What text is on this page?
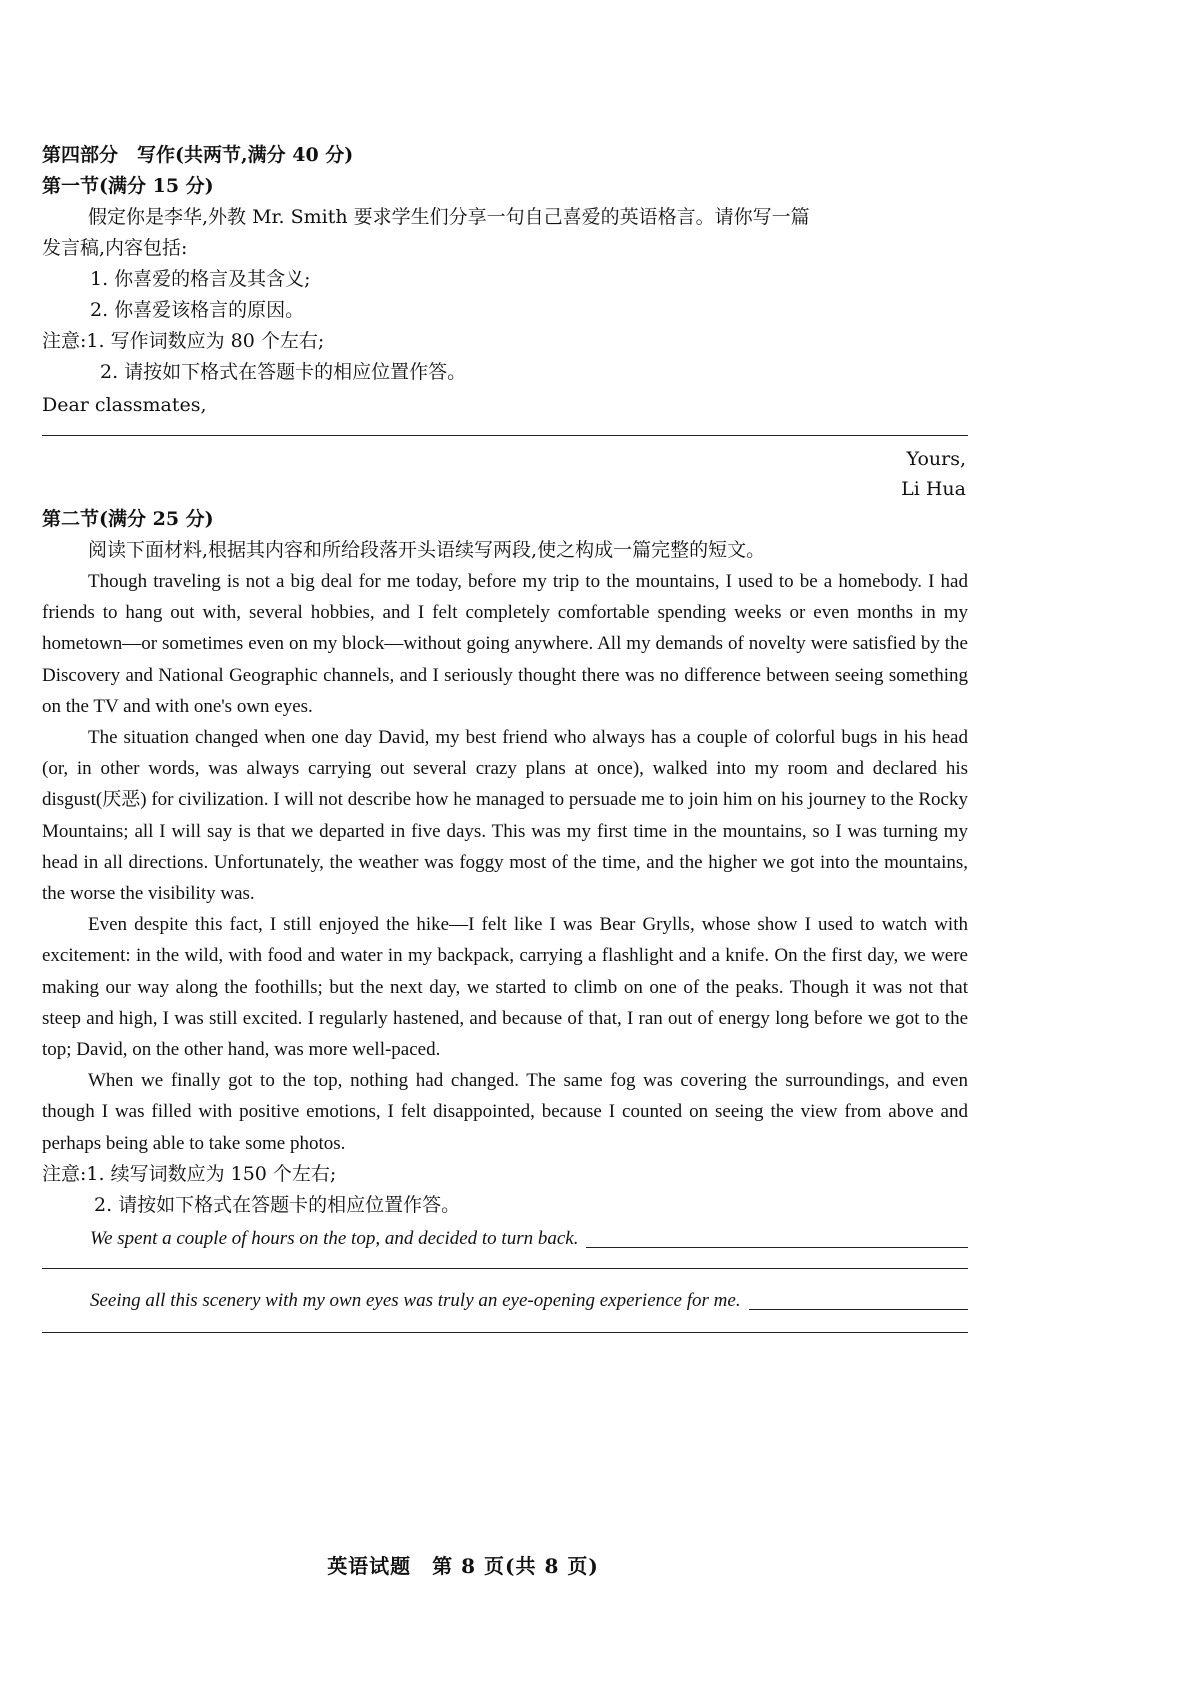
第四部分　写作(共两节,满分 40 分)
第一节(满分 15 分)
假定你是李华,外教 Mr. Smith 要求学生们分享一句自己喜爱的英语格言。请你写一篇
发言稿,内容包括:
1. 你喜爱的格言及其含义;
2. 你喜爱该格言的原因。
注意:1. 写作词数应为 80 个左右;
2. 请按如下格式在答题卡的相应位置作答。
Dear classmates,
Yours,
Li Hua
第二节(满分 25 分)
阅读下面材料,根据其内容和所给段落开头语续写两段,使之构成一篇完整的短文。

Though traveling is not a big deal for me today, before my trip to the mountains, I used to be a homebody. I had friends to hang out with, several hobbies, and I felt completely comfortable spending weeks or even months in my hometown—or sometimes even on my block—without going anywhere. All my demands of novelty were satisfied by the Discovery and National Geographic channels, and I seriously thought there was no difference between seeing something on the TV and with one's own eyes.

The situation changed when one day David, my best friend who always has a couple of colorful bugs in his head (or, in other words, was always carrying out several crazy plans at once), walked into my room and declared his disgust(厌恶) for civilization. I will not describe how he managed to persuade me to join him on his journey to the Rocky Mountains; all I will say is that we departed in five days. This was my first time in the mountains, so I was turning my head in all directions. Unfortunately, the weather was foggy most of the time, and the higher we got into the mountains, the worse the visibility was.

Even despite this fact, I still enjoyed the hike—I felt like I was Bear Grylls, whose show I used to watch with excitement: in the wild, with food and water in my backpack, carrying a flashlight and a knife. On the first day, we were making our way along the foothills; but the next day, we started to climb on one of the peaks. Though it was not that steep and high, I was still excited. I regularly hastened, and because of that, I ran out of energy long before we got to the top; David, on the other hand, was more well-paced.

When we finally got to the top, nothing had changed. The same fog was covering the surroundings, and even though I was filled with positive emotions, I felt disappointed, because I counted on seeing the view from above and perhaps being able to take some photos.

注意:1. 续写词数应为 150 个左右;
2. 请按如下格式在答题卡的相应位置作答。
We spent a couple of hours on the top, and decided to turn back.
Seeing all this scenery with my own eyes was truly an eye-opening experience for me.
英语试题　第 8 页(共 8 页)
